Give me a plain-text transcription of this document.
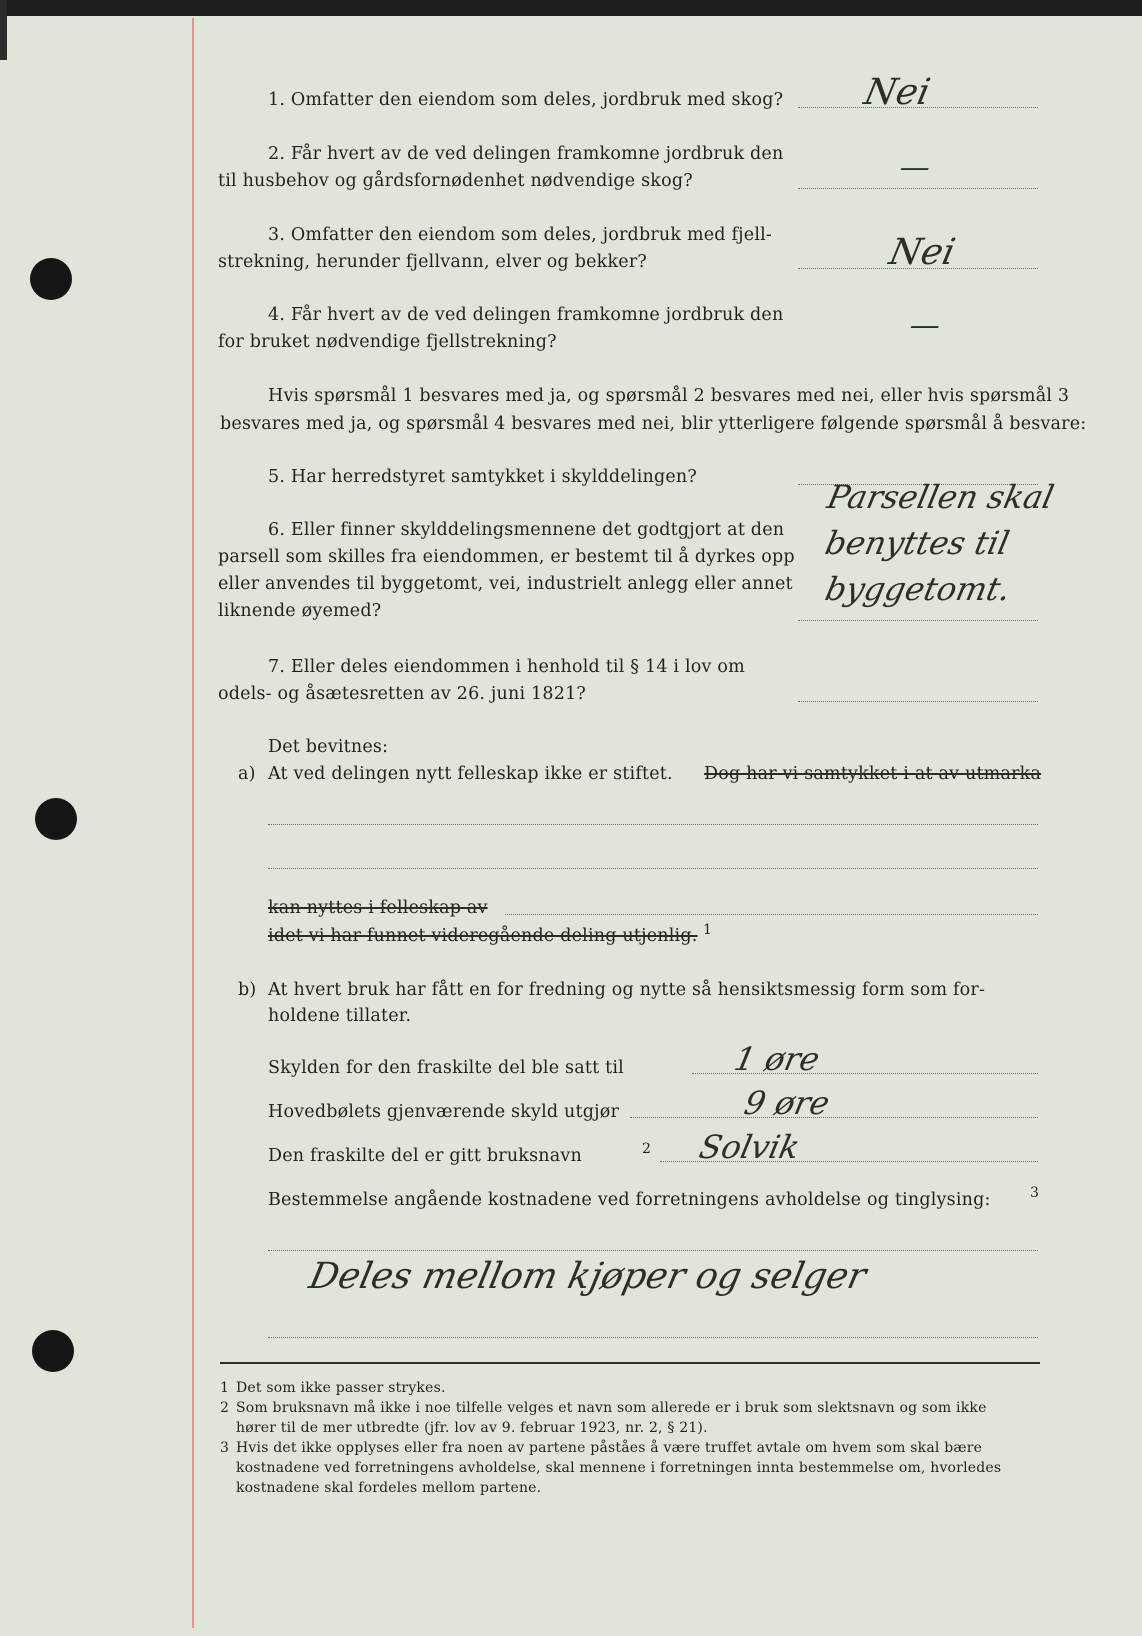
1. Omfatter den eiendom som deles, jordbruk med skog? Nei
2. Får hvert av de ved delingen framkomne jordbruk den
til husbehov og gårdsfornødenhet nødvendige skog?	—
3. Omfatter den eiendom som deles, jordbruk med fjell-
strekning, herunder fjellvann, elver og bekker?	Nei
4. Får hvert av de ved delingen framkomne jordbruk den
for bruket nødvendige fjellstrekning?	—
Hvis spørsmål 1 besvares med ja, og spørsmål 2 besvares med nei, eller hvis spørsmål 3
besvares med ja, og spørsmål 4 besvares med nei, blir ytterligere følgende spørsmål å besvare:
5. Har herredstyret samtykket i skylddelingen?
6. Eller finner skylddelingsmennene det godtgjort at den
parsell som skilles fra eiendommen, er bestemt til å dyrkes opp
eller anvendes til byggetomt, vei, industrielt anlegg eller annet
liknende øyemed?
Parsellen skal
benyttes til
byggetomt.
7. Eller deles eiendommen i henhold til § 14 i lov om
odels- og åsætesretten av 26. juni 1821?
Det bevitnes:
a) At ved delingen nytt felleskap ikke er stiftet. Dog har vi samtykket i at av utmarka
kan nyttes i felleskap av
idet vi har funnet videregående deling utjenlig. 1
b) At hvert bruk har fått en for fredning og nytte så hensiktsmessig form som for-
holdene tillater.
Skylden for den fraskilte del ble satt til	1 øre
Hovedbølets gjenværende skyld utgjør	9 øre
Den fraskilte del er gitt bruksnavn	2 Solvik
Bestemmelse angående kostnadene ved forretningens avholdelse og tinglysing:	3
Deles mellom kjøper og selger
1 Det som ikke passer strykes.
2 Som bruksnavn må ikke i noe tilfelle velges et navn som allerede er i bruk som slektsnavn og som ikke
hører til de mer utbredte (jfr. lov av 9. februar 1923, nr. 2, § 21).
3 Hvis det ikke opplyses eller fra noen av partene påståes å være truffet avtale om hvem som skal bære
kostnadene ved forretningens avholdelse, skal mennene i forretningen innta bestemmelse om, hvorledes
kostnadene skal fordeles mellom partene.
